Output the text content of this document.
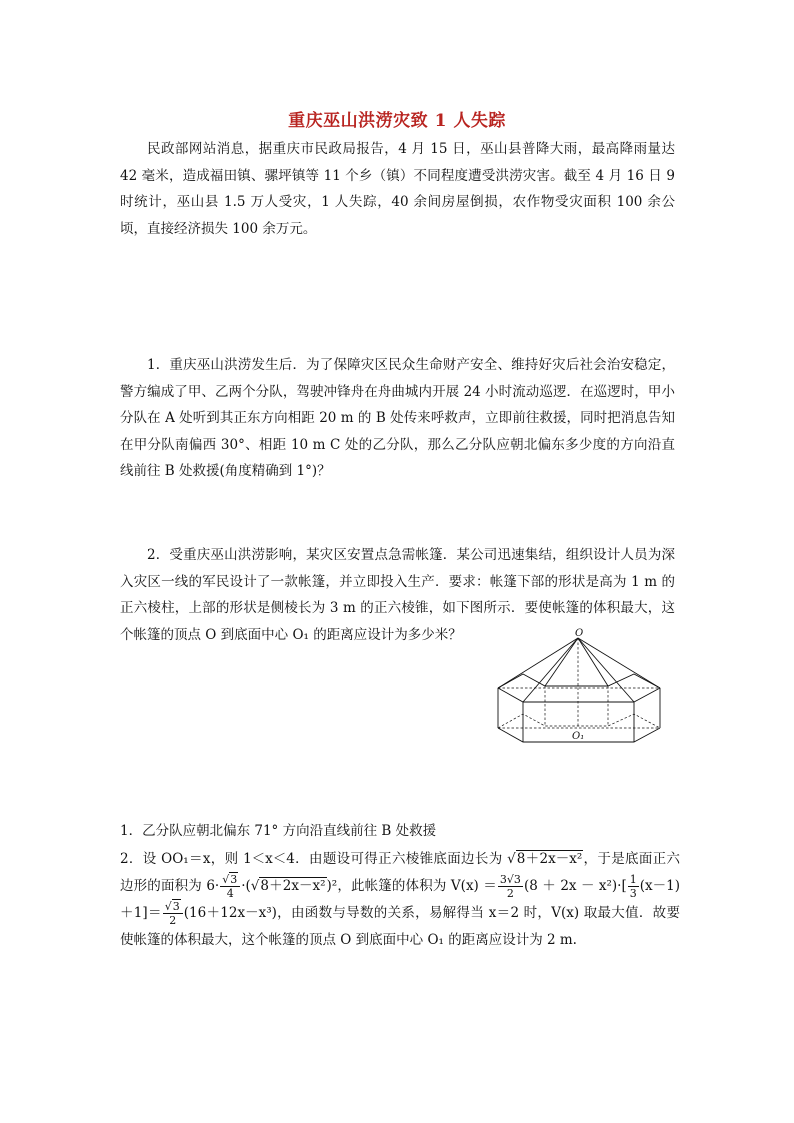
重庆巫山洪涝灾致 1 人失踪

民政部网站消息，据重庆市民政局报告，4 月 15 日，巫山县普降大雨，最高降雨量达 42 毫米，造成福田镇、骡坪镇等 11 个乡（镇）不同程度遭受洪涝灾害。截至 4 月 16 日 9 时统计，巫山县 1.5 万人受灾，1 人失踪，40 余间房屋倒损，农作物受灾面积 100 余公顷，直接经济损失 100 余万元。

1．重庆巫山洪涝发生后．为了保障灾区民众生命财产安全、维持好灾后社会治安稳定，警方编成了甲、乙两个分队，驾驶冲锋舟在舟曲城内开展 24 小时流动巡逻．在巡逻时，甲小分队在 A 处听到其正东方向相距 20 m 的 B 处传来呼救声，立即前往救援，同时把消息告知在甲分队南偏西 30°、相距 10 m C 处的乙分队，那么乙分队应朝北偏东多少度的方向沿直线前往 B 处救援(角度精确到 1°)？

2．受重庆巫山洪涝影响，某灾区安置点急需帐篷．某公司迅速集结，组织设计人员为深入灾区一线的军民设计了一款帐篷，并立即投入生产．要求：帐篷下部的形状是高为 1 m 的正六棱柱，上部的形状是侧棱长为 3 m 的正六棱锥，如下图所示．要使帐篷的体积最大，这个帐篷的顶点 O 到底面中心 O₁ 的距离应设计为多少米？	O
O₁

1．乙分队应朝北偏东 71° 方向沿直线前往 B 处救援

2．设 OO₁＝x，则 1＜x＜4．由题设可得正六棱锥底面边长为 √8＋2x－x²，于是底面正六边形的面积为 $6\cdot \frac{√3}{4} \cdot(√8+2x-x^2)^2$，此帐篷的体积为 $V(x) = \frac{3√3}{2} (8 + 2x - x^2)\cdot[ \frac{1}{3} (x-1) +1]= \frac{√3}{2} (16+12x-x^3)$，由函数与导数的关系，易解得当 x＝2 时，V(x) 取最大值．故要使帐篷的体积最大，这个帐篷的顶点 O 到底面中心 O₁ 的距离应设计为 2 m.
